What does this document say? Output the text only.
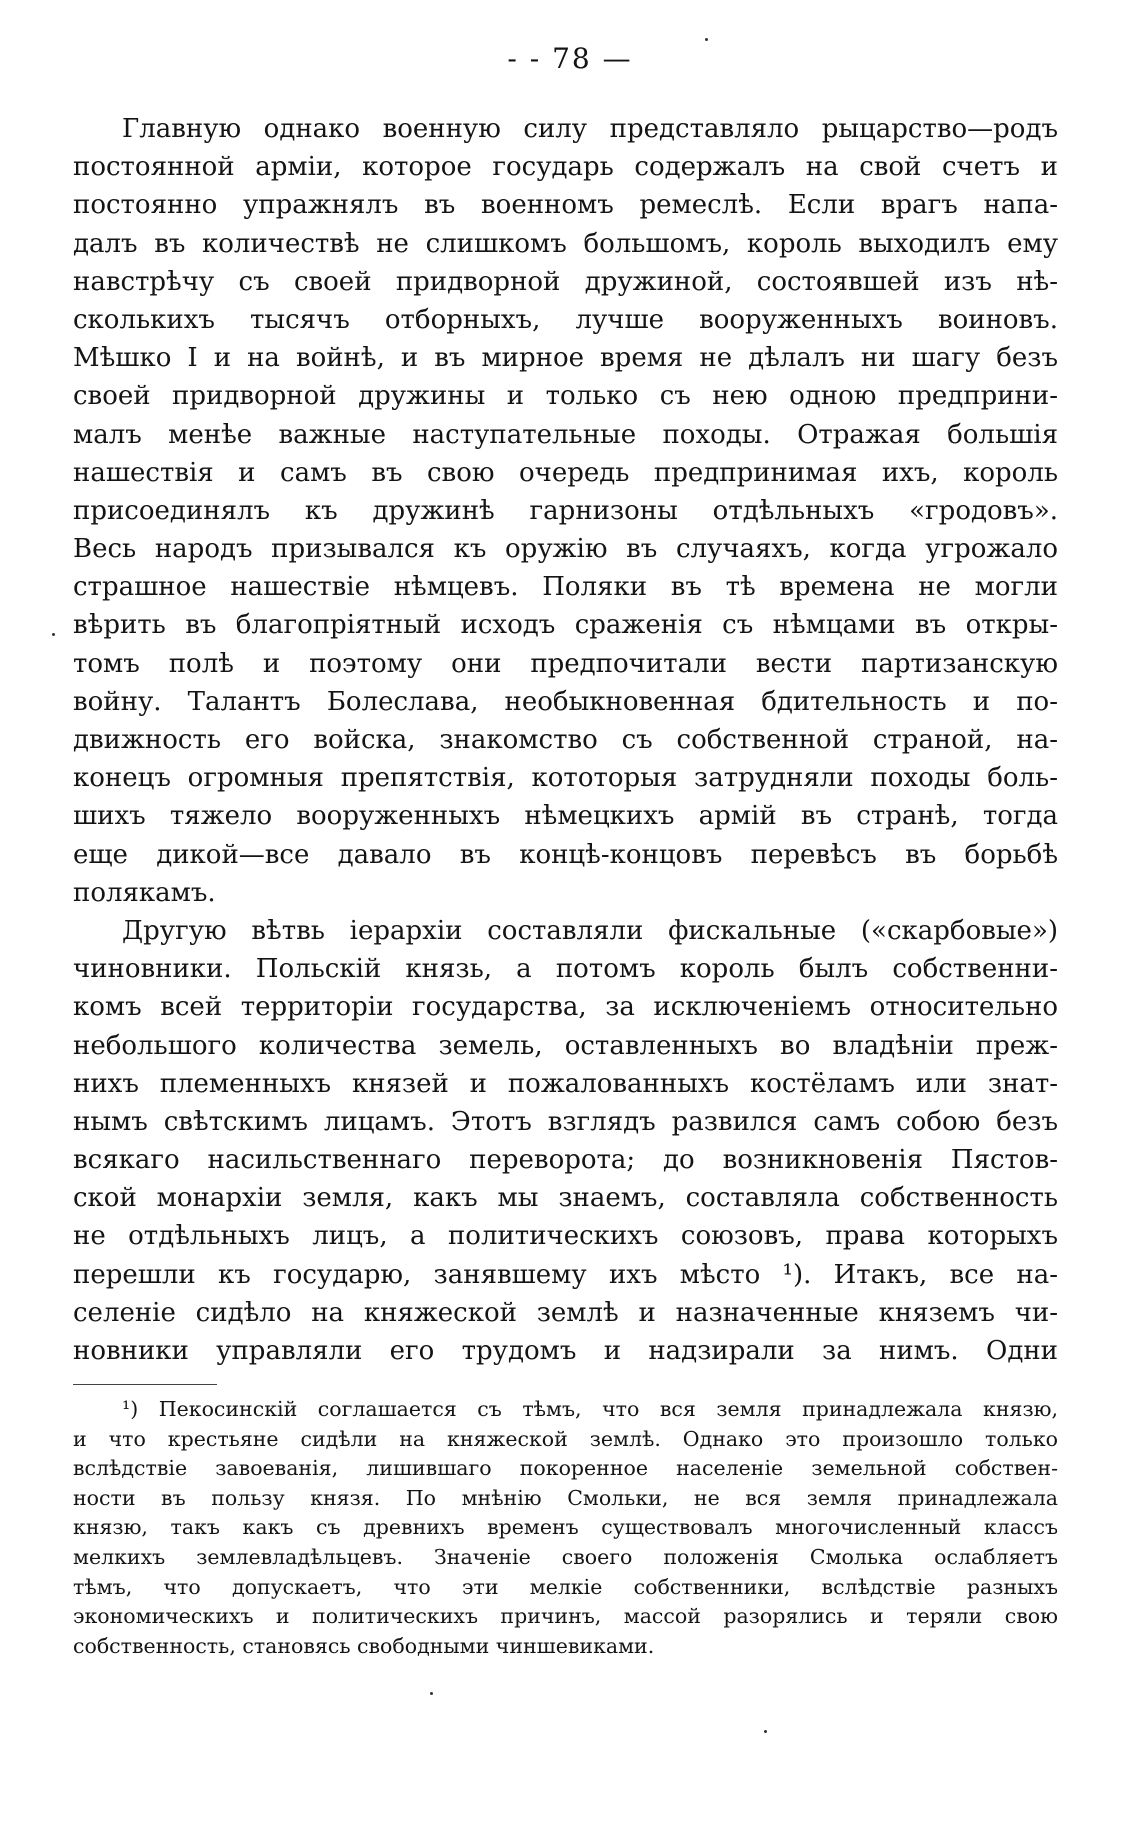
- - 78 —
Главную однако военную силу представляло рыцарство—родъ
постоянной арміи, которое государь содержалъ на свой счетъ и
постоянно упражнялъ въ военномъ ремеслѣ. Если врагъ напа-
далъ въ количествѣ не слишкомъ большомъ, король выходилъ ему
навстрѣчу съ своей придворной дружиной, состоявшей изъ нѣ-
сколькихъ тысячъ отборныхъ, лучше вооруженныхъ воиновъ.
Мѣшко I и на войнѣ, и въ мирное время не дѣлалъ ни шагу безъ
своей придворной дружины и только съ нею одною предприни-
малъ менѣе важные наступательные походы. Отражая большія
нашествія и самъ въ свою очередь предпринимая ихъ, король
присоединялъ къ дружинѣ гарнизоны отдѣльныхъ «гродовъ».
Весь народъ призывался къ оружію въ случаяхъ, когда угрожало
страшное нашествіе нѣмцевъ. Поляки въ тѣ времена не могли
вѣрить въ благопріятный исходъ сраженія съ нѣмцами въ откры-
томъ полѣ и поэтому они предпочитали вести партизанскую
войну. Талантъ Болеслава, необыкновенная бдительность и по-
движность его войска, знакомство съ собственной страной, на-
конецъ огромныя препятствія, кототорыя затрудняли походы боль-
шихъ тяжело вооруженныхъ нѣмецкихъ армій въ странѣ, тогда
еще дикой—все давало въ концѣ-концовъ перевѣсъ въ борьбѣ
полякамъ.
Другую вѣтвь іерархіи составляли фискальные («скарбовые»)
чиновники. Польскій князь, а потомъ король былъ собственни-
комъ всей территоріи государства, за исключеніемъ относительно
небольшого количества земель, оставленныхъ во владѣніи преж-
нихъ племенныхъ князей и пожалованныхъ костёламъ или знат-
нымъ свѣтскимъ лицамъ. Этотъ взглядъ развился самъ собою безъ
всякаго насильственнаго переворота; до возникновенія Пястов-
ской монархіи земля, какъ мы знаемъ, составляла собственность
не отдѣльныхъ лицъ, а политическихъ союзовъ, права которыхъ
перешли къ государю, занявшему ихъ мѣсто ¹). Итакъ, все на-
селеніе сидѣло на княжеской землѣ и назначенные княземъ чи-
новники управляли его трудомъ и надзирали за нимъ. Одни
¹) Пекосинскій соглашается съ тѣмъ, что вся земля принадлежала князю,
и что крестьяне сидѣли на княжеской землѣ. Однако это произошло только
вслѣдствіе завоеванія, лишившаго покоренное населеніе земельной собствен-
ности въ пользу князя. По мнѣнію Смольки, не вся земля принадлежала
князю, такъ какъ съ древнихъ временъ существовалъ многочисленный классъ
мелкихъ землевладѣльцевъ. Значеніе своего положенія Смолька ослабляетъ
тѣмъ, что допускаетъ, что эти мелкіе собственники, вслѣдствіе разныхъ
экономическихъ и политическихъ причинъ, массой разорялись и теряли свою
собственность, становясь свободными чиншевиками.
